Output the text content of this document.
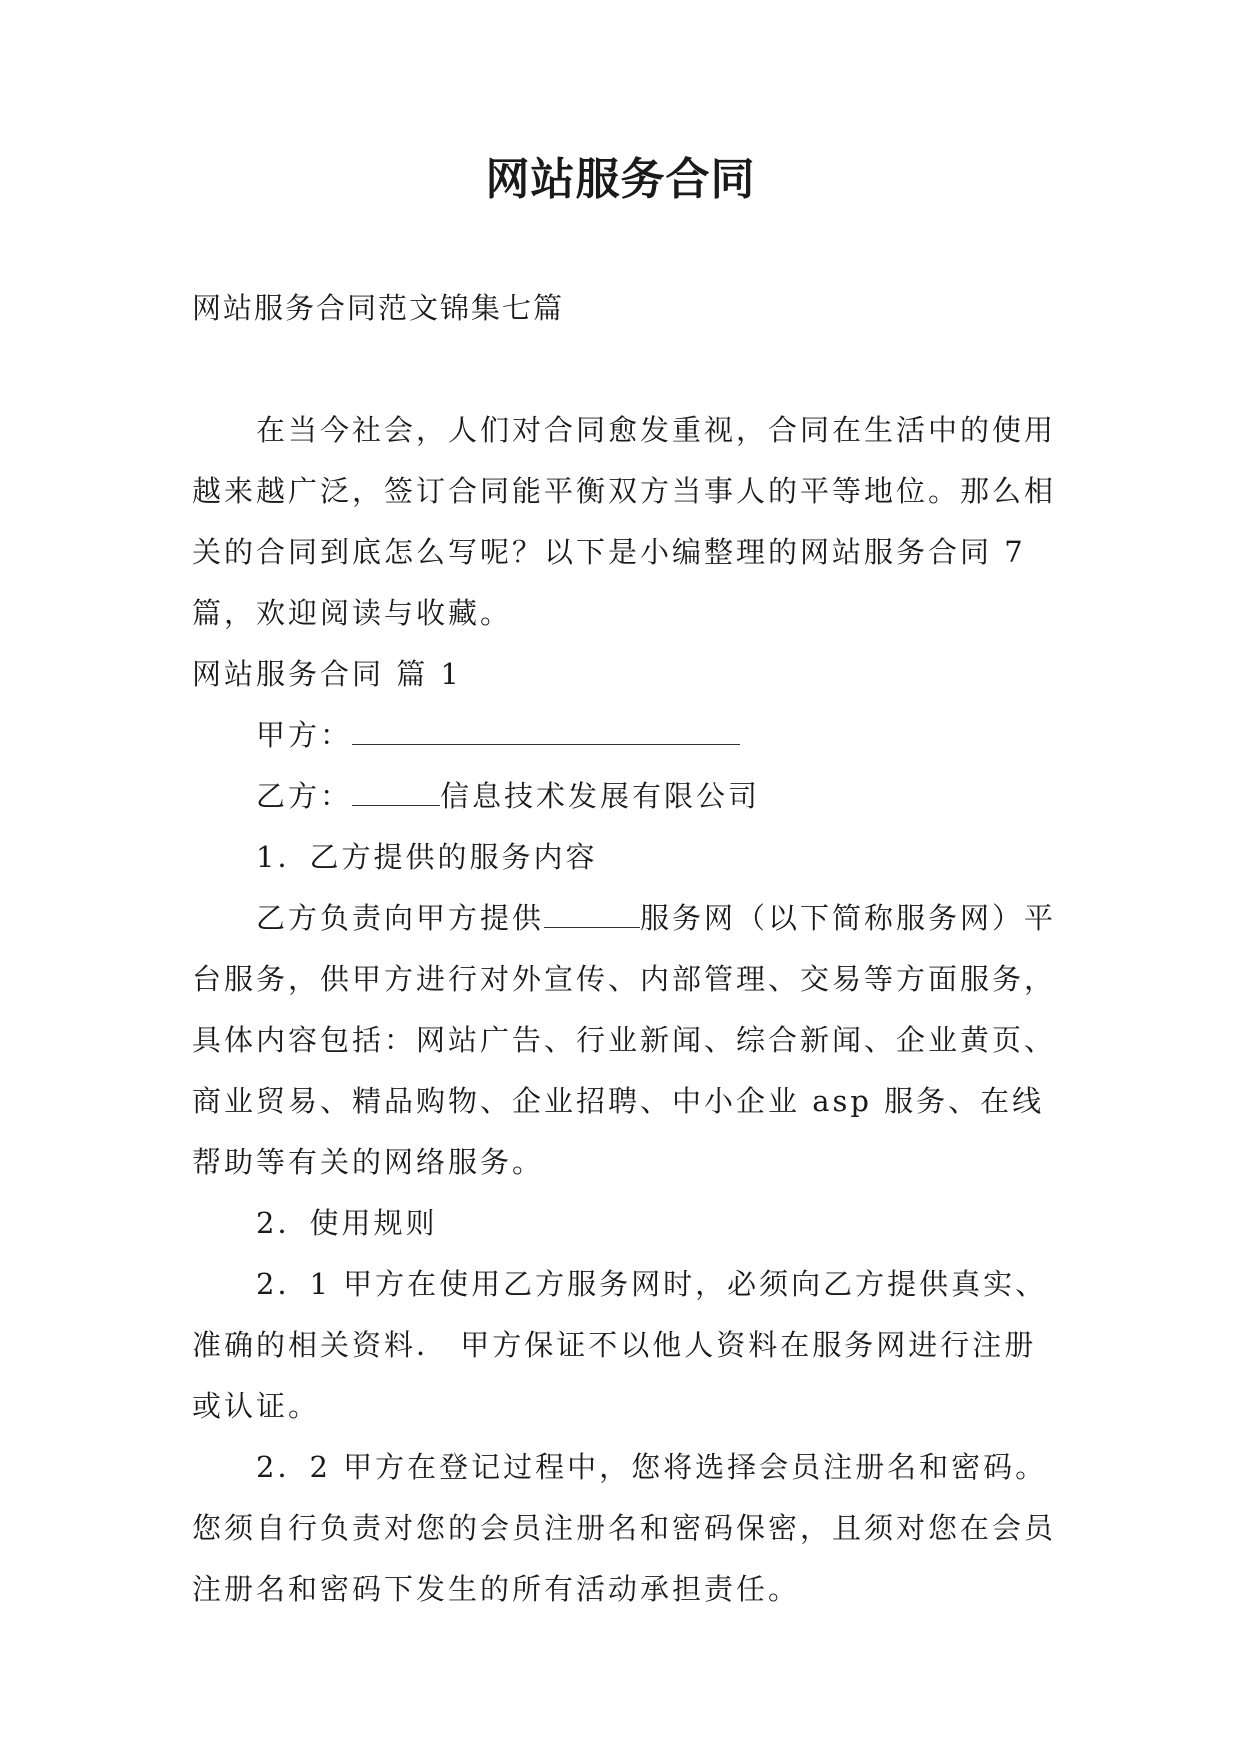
网站服务合同
网站服务合同范文锦集七篇

在当今社会，人们对合同愈发重视，合同在生活中的使用越来越广泛，签订合同能平衡双方当事人的平等地位。那么相关的合同到底怎么写呢？以下是小编整理的网站服务合同 7 篇，欢迎阅读与收藏。

网站服务合同 篇 1

甲方：

乙方：	信息技术发展有限公司

1．乙方提供的服务内容

乙方负责向甲方提供	服务网（以下简称服务网）平台服务，供甲方进行对外宣传、内部管理、交易等方面服务，具体内容包括：网站广告、行业新闻、综合新闻、企业黄页、商业贸易、精品购物、企业招聘、中小企业 asp 服务、在线帮助等有关的网络服务。

2．使用规则

2．1 甲方在使用乙方服务网时，必须向乙方提供真实、准确的相关资料． 甲方保证不以他人资料在服务网进行注册或认证。

2．2 甲方在登记过程中，您将选择会员注册名和密码。您须自行负责对您的会员注册名和密码保密，且须对您在会员注册名和密码下发生的所有活动承担责任。
